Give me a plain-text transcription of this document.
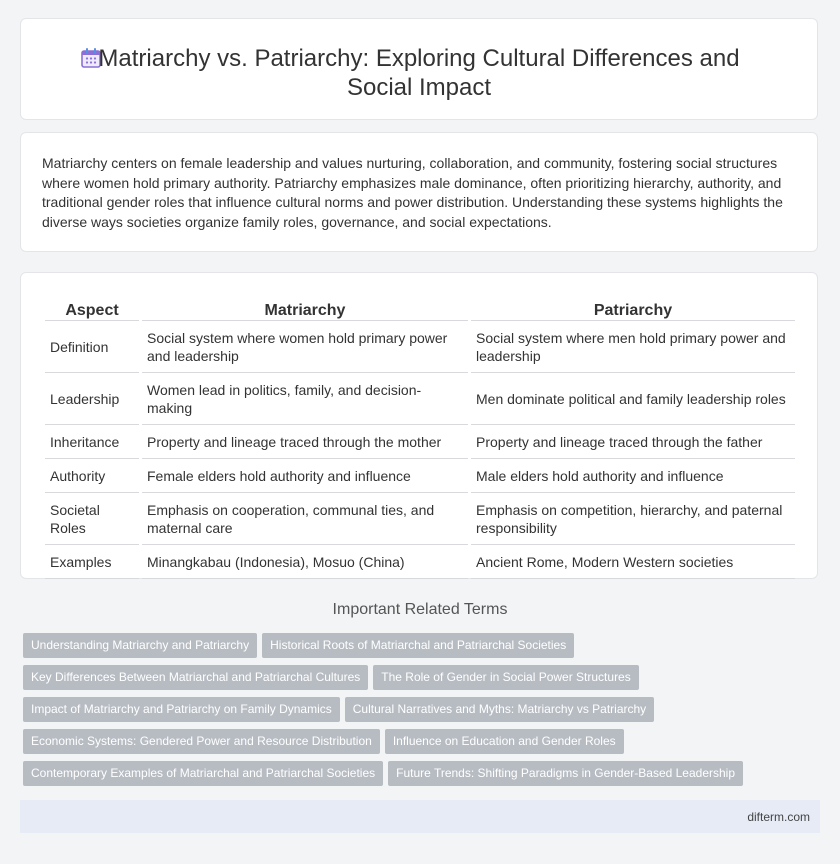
Matriarchy vs. Patriarchy: Exploring Cultural Differences and
Social Impact
Matriarchy centers on female leadership and values nurturing, collaboration, and community, fostering social structures where women hold primary authority. Patriarchy emphasizes male dominance, often prioritizing hierarchy, authority, and traditional gender roles that influence cultural norms and power distribution. Understanding these systems highlights the diverse ways societies organize family roles, governance, and social expectations.
Aspect	Matriarchy	Patriarchy
Definition	Social system where women hold primary power and leadership	Social system where men hold primary power and leadership
Leadership	Women lead in politics, family, and decision-making	Men dominate political and family leadership roles
Inheritance	Property and lineage traced through the mother	Property and lineage traced through the father
Authority	Female elders hold authority and influence	Male elders hold authority and influence
Societal Roles	Emphasis on cooperation, communal ties, and maternal care	Emphasis on competition, hierarchy, and paternal responsibility
Examples	Minangkabau (Indonesia), Mosuo (China)	Ancient Rome, Modern Western societies
Important Related Terms
Understanding Matriarchy and Patriarchy Historical Roots of Matriarchal and Patriarchal Societies
Key Differences Between Matriarchal and Patriarchal Cultures The Role of Gender in Social Power Structures
Impact of Matriarchy and Patriarchy on Family Dynamics Cultural Narratives and Myths: Matriarchy vs Patriarchy
Economic Systems: Gendered Power and Resource Distribution Influence on Education and Gender Roles
Contemporary Examples of Matriarchal and Patriarchal Societies Future Trends: Shifting Paradigms in Gender-Based Leadership
difterm.com
